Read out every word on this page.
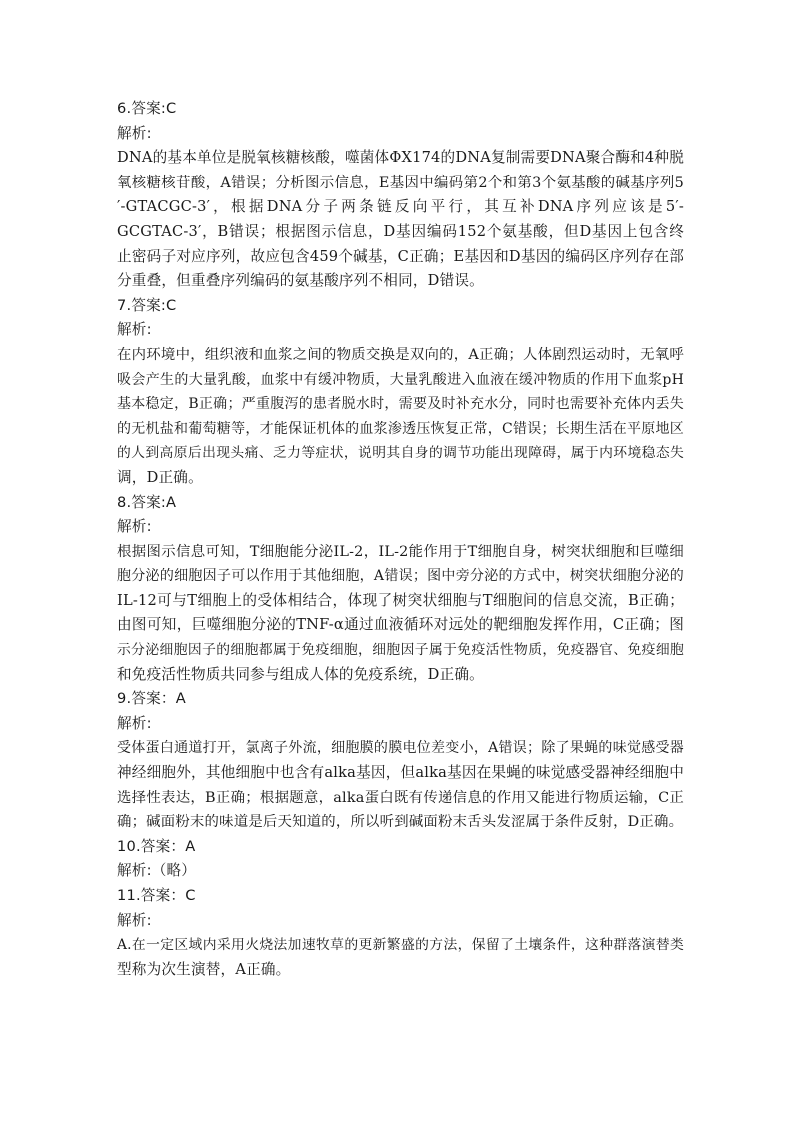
6.答案:C
解析:
DNA的基本单位是脱氧核糖核酸，噬菌体ΦX174的DNA复制需要DNA聚合酶和4种脱
氧核糖核苷酸，A错误；分析图示信息，E基因中编码第2个和第3个氨基酸的碱基序列5
′-GTACGC-3′，根据DNA分子两条链反向平行，其互补DNA序列应该是5′-
GCGTAC-3′，B错误；根据图示信息，D基因编码152个氨基酸，但D基因上包含终
止密码子对应序列，故应包含459个碱基，C正确；E基因和D基因的编码区序列存在部
分重叠，但重叠序列编码的氨基酸序列不相同，D错误。
7.答案:C
解析:
在内环境中，组织液和血浆之间的物质交换是双向的，A正确；人体剧烈运动时，无氧呼
吸会产生的大量乳酸，血浆中有缓冲物质，大量乳酸进入血液在缓冲物质的作用下血浆pH
基本稳定，B正确；严重腹泻的患者脱水时，需要及时补充水分，同时也需要补充体内丢失
的无机盐和葡萄糖等，才能保证机体的血浆渗透压恢复正常，C错误；长期生活在平原地区
的人到高原后出现头痛、乏力等症状，说明其自身的调节功能出现障碍，属于内环境稳态失
调，D正确。
8.答案:A
解析:
根据图示信息可知，T细胞能分泌IL-2，IL-2能作用于T细胞自身，树突状细胞和巨噬细
胞分泌的细胞因子可以作用于其他细胞，A错误；图中旁分泌的方式中，树突状细胞分泌的
IL-12可与T细胞上的受体相结合，体现了树突状细胞与T细胞间的信息交流，B正确；
由图可知，巨噬细胞分泌的TNF-α通过血液循环对远处的靶细胞发挥作用，C正确；图
示分泌细胞因子的细胞都属于免疫细胞，细胞因子属于免疫活性物质，免疫器官、免疫细胞
和免疫活性物质共同参与组成人体的免疫系统，D正确。
9.答案：A
解析:
受体蛋白通道打开，氯离子外流，细胞膜的膜电位差变小，A错误；除了果蝇的味觉感受器
神经细胞外，其他细胞中也含有alka基因，但alka基因在果蝇的味觉感受器神经细胞中
选择性表达，B正确；根据题意，alka蛋白既有传递信息的作用又能进行物质运输，C正
确；碱面粉末的味道是后天知道的，所以听到碱面粉末舌头发涩属于条件反射，D正确。
10.答案：A
解析:（略）
11.答案：C
解析:
A.在一定区域内采用火烧法加速牧草的更新繁盛的方法，保留了土壤条件，这种群落演替类
型称为次生演替，A正确。
